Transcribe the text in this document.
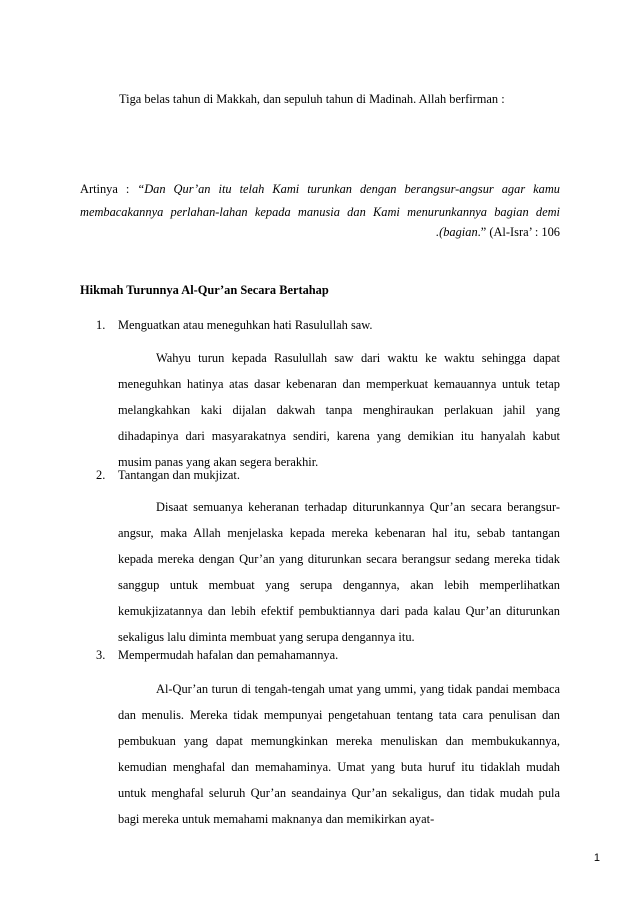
Tiga belas tahun di Makkah, dan sepuluh tahun di Madinah. Allah berfirman :
Artinya : “Dan Qur’an itu telah Kami turunkan dengan berangsur-angsur agar kamu membacakannya perlahan-lahan kepada manusia dan Kami menurunkannya bagian demi
.(bagian.” (Al-Isra’ : 106
Hikmah Turunnya Al-Qur’an Secara Bertahap
1. Menguatkan atau meneguhkan hati Rasulullah saw.
Wahyu turun kepada Rasulullah saw dari waktu ke waktu sehingga dapat meneguhkan hatinya atas dasar kebenaran dan memperkuat kemauannya untuk tetap melangkahkan kaki dijalan dakwah tanpa menghiraukan perlakuan jahil yang dihadapinya dari masyarakatnya sendiri, karena yang demikian itu hanyalah kabut musim panas yang akan segera berakhir.
2. Tantangan dan mukjizat.
Disaat semuanya keheranan terhadap diturunkannya Qur’an secara berangsur-angsur, maka Allah menjelaska kepada mereka kebenaran hal itu, sebab tantangan kepada mereka dengan Qur’an yang diturunkan secara berangsur sedang mereka tidak sanggup untuk membuat yang serupa dengannya, akan lebih memperlihatkan kemukjizatannya dan lebih efektif pembuktiannya dari pada kalau Qur’an diturunkan sekaligus lalu diminta membuat yang serupa dengannya itu.
3. Mempermudah hafalan dan pemahamannya.
Al-Qur’an turun di tengah-tengah umat yang ummi, yang tidak pandai membaca dan menulis. Mereka tidak mempunyai pengetahuan tentang tata cara penulisan dan pembukuan yang dapat memungkinkan mereka menuliskan dan membukukannya, kemudian menghafal dan memahaminya. Umat yang buta huruf itu tidaklah mudah untuk menghafal seluruh Qur’an seandainya Qur’an sekaligus, dan tidak mudah pula bagi mereka untuk memahami maknanya dan memikirkan ayat-
1
